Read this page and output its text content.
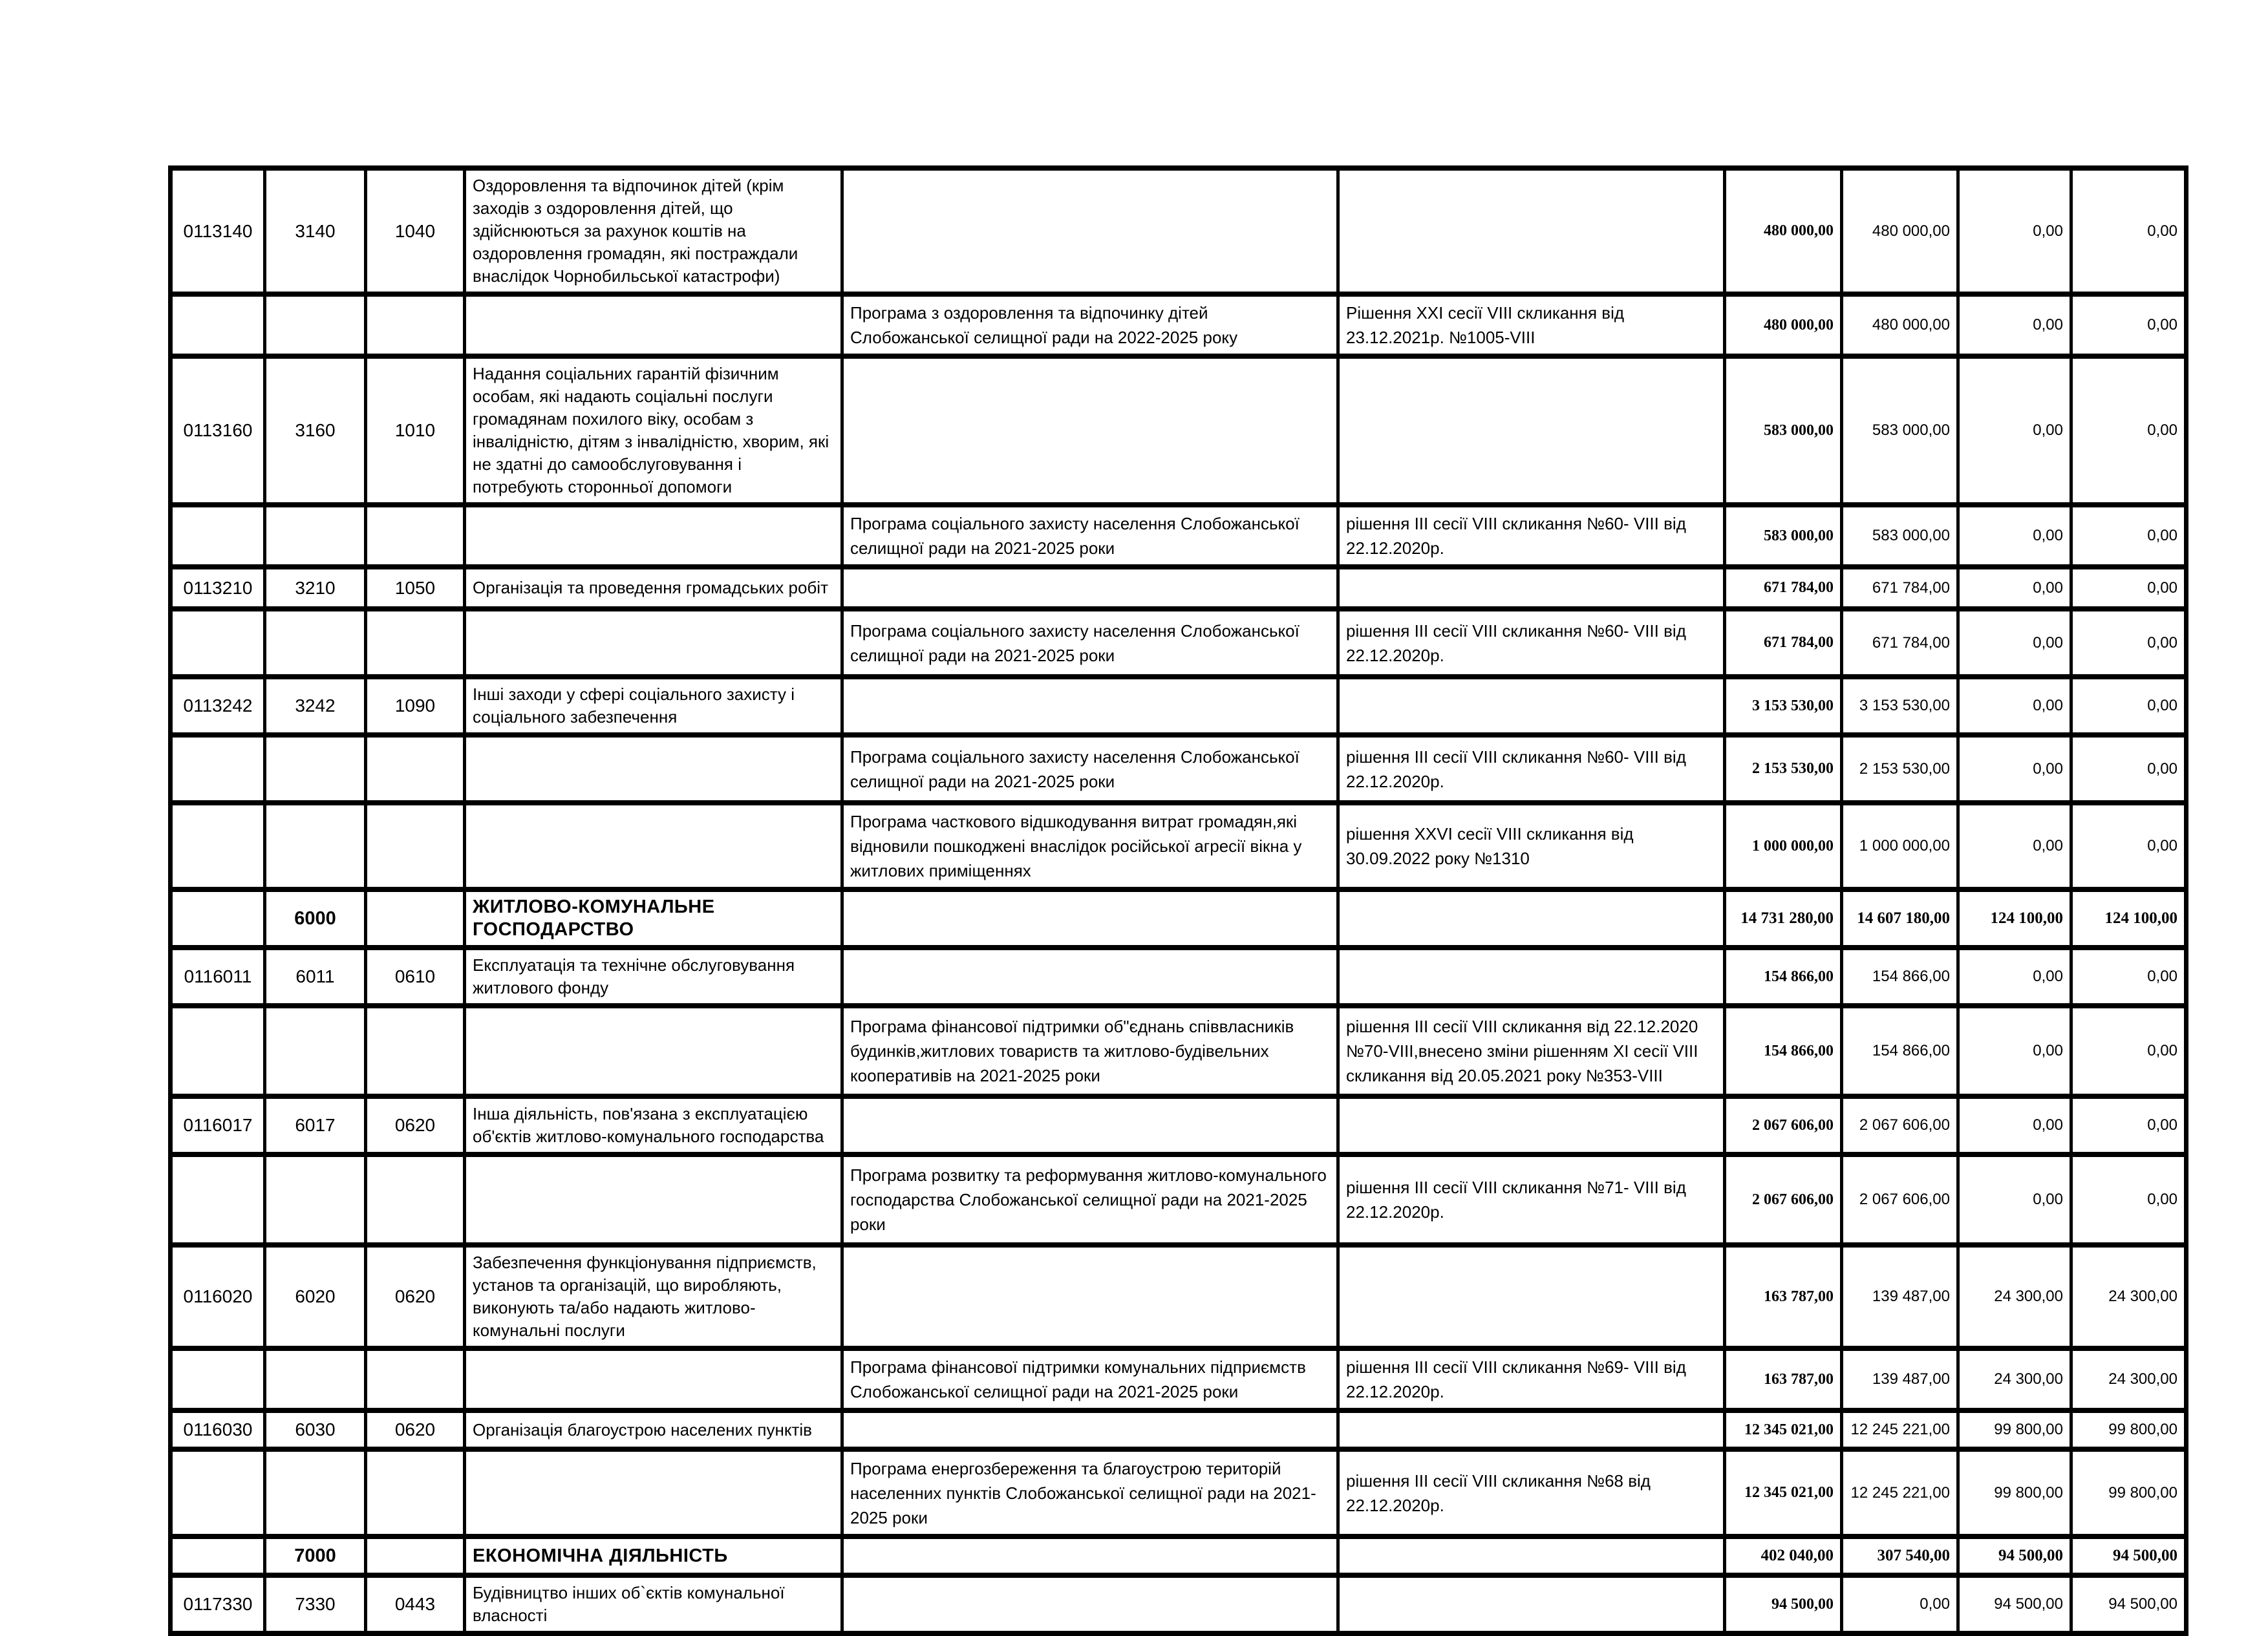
0113140	3140	1040	Оздоровлення та відпочинок дітей (крім заходів з оздоровлення дітей, що здійснюються за рахунок коштів на оздоровлення громадян, які постраждали внаслідок Чорнобильської катастрофи)			480 000,00	480 000,00	0,00	0,00
				Програма з оздоровлення та відпочинку дітей Слобожанської селищної ради на 2022-2025 року	Рішення XXI сесії VIII скликання від 23.12.2021р. №1005-VIII	480 000,00	480 000,00	0,00	0,00
0113160	3160	1010	Надання соціальних гарантій фізичним особам, які надають соціальні послуги громадянам похилого віку, особам з інвалідністю, дітям з інвалідністю, хворим, які не здатні до самообслуговування і потребують сторонньої допомоги			583 000,00	583 000,00	0,00	0,00
				Програма соціального захисту населення Слобожанської селищної ради на 2021-2025 роки	рішення III сесії VIII скликання №60- VIII від 22.12.2020р.	583 000,00	583 000,00	0,00	0,00
0113210	3210	1050	Організація та проведення громадських робіт			671 784,00	671 784,00	0,00	0,00
				Програма соціального захисту населення Слобожанської селищної ради на 2021-2025 роки	рішення III сесії VIII скликання №60- VIII від 22.12.2020р.	671 784,00	671 784,00	0,00	0,00
0113242	3242	1090	Інші заходи у сфері соціального захисту і соціального забезпечення			3 153 530,00	3 153 530,00	0,00	0,00
				Програма соціального захисту населення Слобожанської селищної ради на 2021-2025 роки	рішення III сесії VIII скликання №60- VIII від 22.12.2020р.	2 153 530,00	2 153 530,00	0,00	0,00
				Програма часткового відшкодування витрат громадян,які відновили пошкоджені внаслідок російської агресії вікна у житлових приміщеннях	рішення XXVI сесії VIII скликання від 30.09.2022 року №1310	1 000 000,00	1 000 000,00	0,00	0,00
	6000		ЖИТЛОВО-КОМУНАЛЬНЕ ГОСПОДАРСТВО			14 731 280,00	14 607 180,00	124 100,00	124 100,00
0116011	6011	0610	Експлуатація та технічне обслуговування житлового фонду			154 866,00	154 866,00	0,00	0,00
				Програма фінансової підтримки об"єднань співвласників будинків,житлових товариств та житлово-будівельних кооперативів на 2021-2025 роки	рішення III сесії VIII скликання від 22.12.2020 №70-VIII,внесено зміни рішенням XI сесії VIII скликання від 20.05.2021 року №353-VIII	154 866,00	154 866,00	0,00	0,00
0116017	6017	0620	Інша діяльність, пов'язана з експлуатацією об'єктів житлово-комунального господарства			2 067 606,00	2 067 606,00	0,00	0,00
				Програма розвитку та реформування житлово-комунального господарства Слобожанської селищної ради на 2021-2025 роки	рішення III сесії VIII скликання №71- VIII від 22.12.2020р.	2 067 606,00	2 067 606,00	0,00	0,00
0116020	6020	0620	Забезпечення функціонування підприємств, установ та організацій, що виробляють, виконують та/або надають житлово-комунальні послуги			163 787,00	139 487,00	24 300,00	24 300,00
				Програма фінансової підтримки комунальних підприємств Слобожанської селищної ради на 2021-2025 роки	рішення III сесії VIII скликання №69- VIII від 22.12.2020р.	163 787,00	139 487,00	24 300,00	24 300,00
0116030	6030	0620	Організація благоустрою населених пунктів			12 345 021,00	12 245 221,00	99 800,00	99 800,00
				Програма енергозбереження та благоустрою територій населенних пунктів Слобожанської селищної ради на 2021-2025 роки	рішення III сесії VIII скликання №68 від 22.12.2020р.	12 345 021,00	12 245 221,00	99 800,00	99 800,00
	7000		ЕКОНОМІЧНА ДІЯЛЬНІСТЬ			402 040,00	307 540,00	94 500,00	94 500,00
0117330	7330	0443	Будівництво інших об`єктів комунальної власності			94 500,00	0,00	94 500,00	94 500,00
